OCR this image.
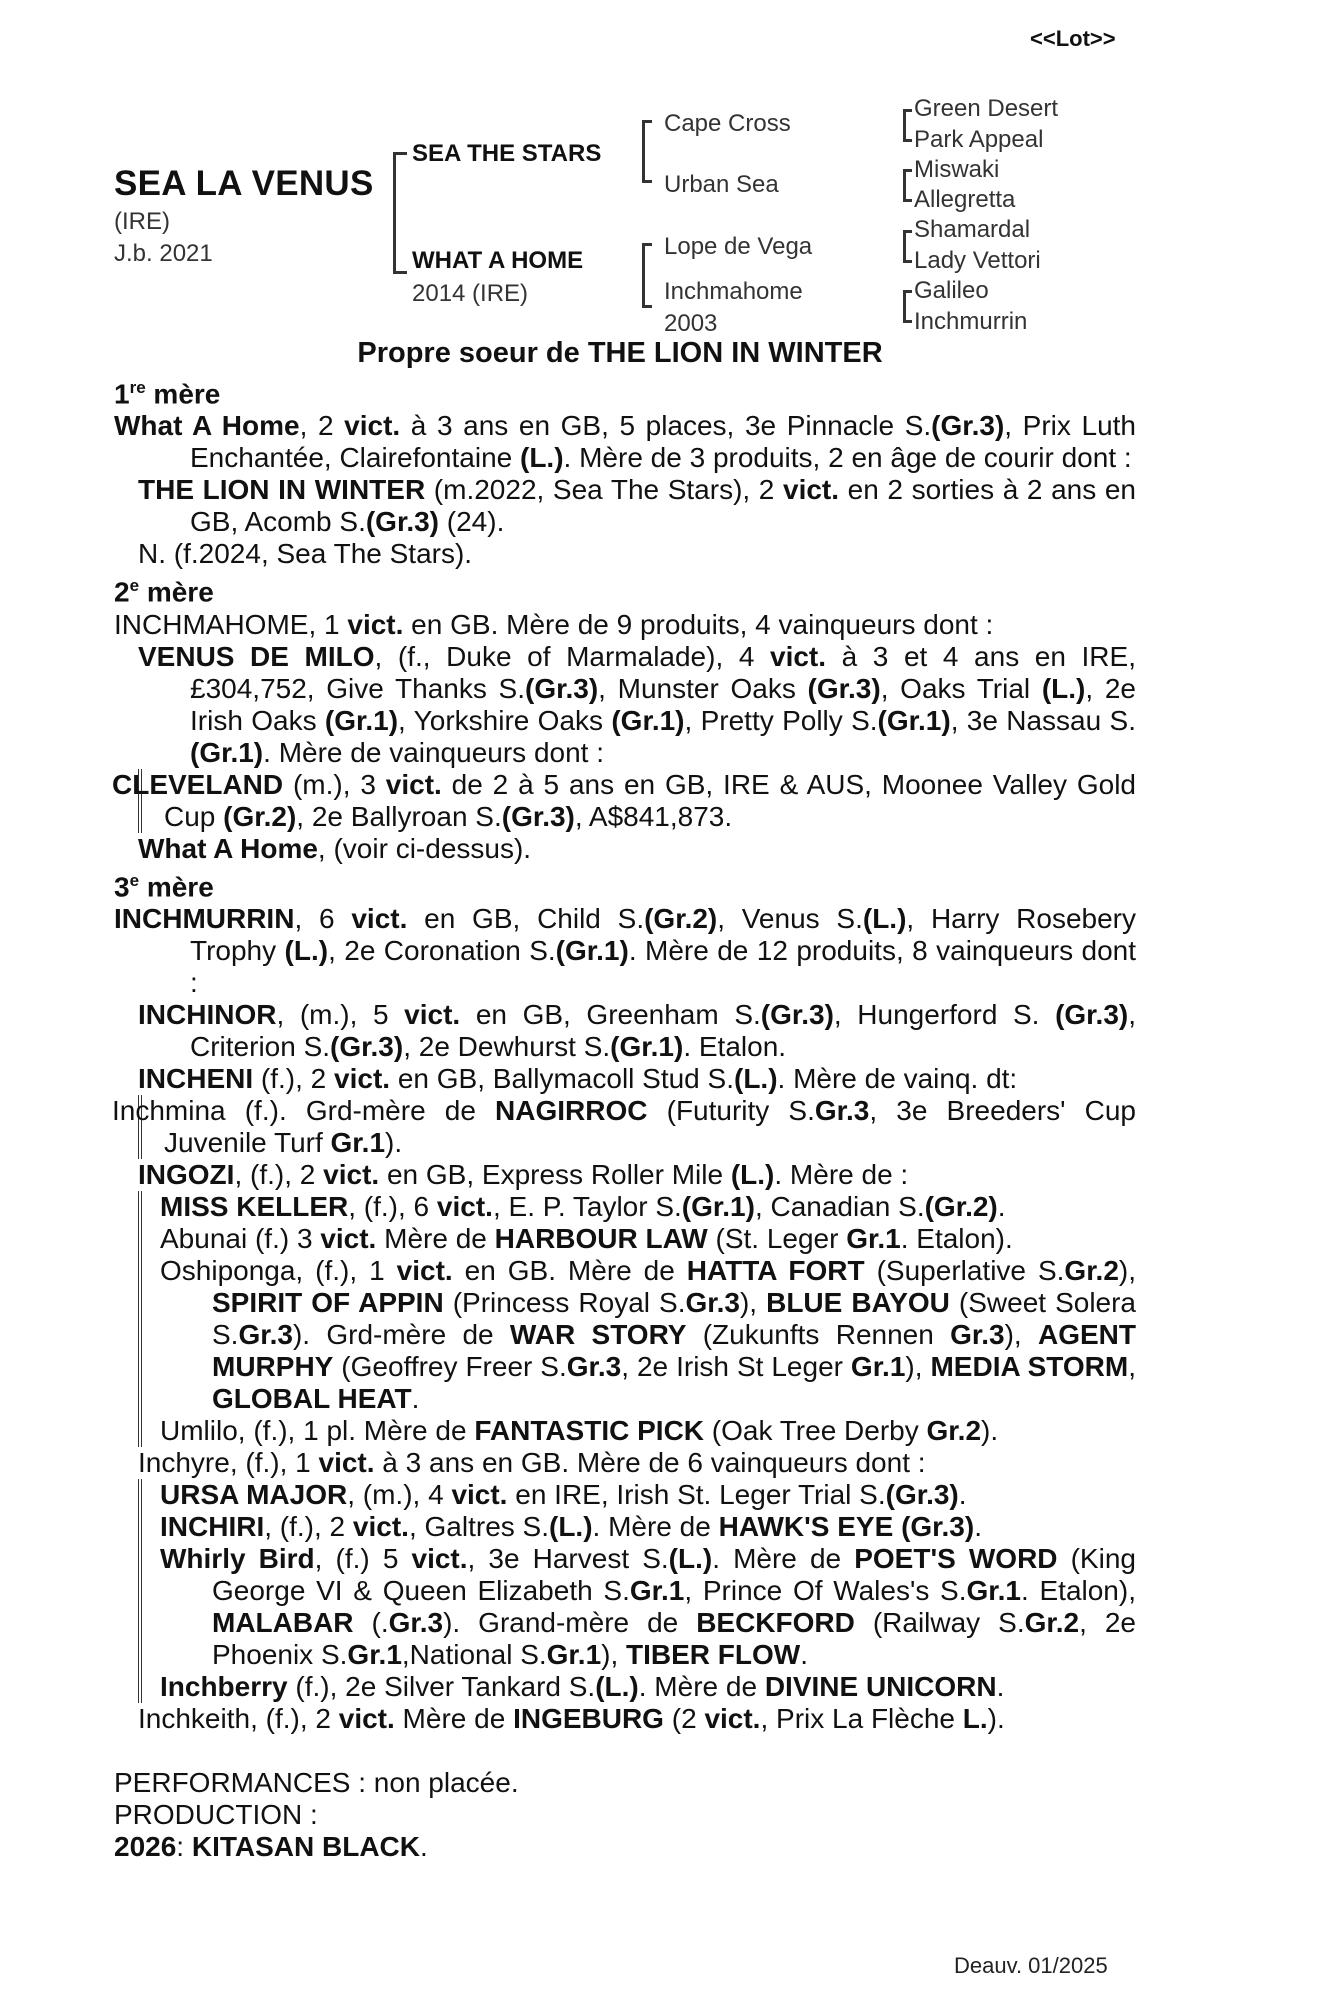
<<Lot>>
SEA LA VENUS
(IRE)
J.b. 2021
SEA THE STARS
WHAT A HOME
2014 (IRE)
Cape Cross
Urban Sea
Lope de Vega
Inchmahome
2003
Green Desert
Park Appeal
Miswaki
Allegretta
Shamardal
Lady Vettori
Galileo
Inchmurrin
Propre soeur de THE LION IN WINTER
1re mère
What A Home, 2 vict. à 3 ans en GB, 5 places, 3e Pinnacle S.(Gr.3), Prix Luth Enchantée, Clairefontaine (L.). Mère de 3 produits, 2 en âge de courir dont :
THE LION IN WINTER (m.2022, Sea The Stars), 2 vict. en 2 sorties à 2 ans en GB, Acomb S.(Gr.3) (24).
N. (f.2024, Sea The Stars).
2e mère
INCHMAHOME, 1 vict. en GB. Mère de 9 produits, 4 vainqueurs dont :
VENUS DE MILO, (f., Duke of Marmalade), 4 vict. à 3 et 4 ans en IRE, £304,752, Give Thanks S.(Gr.3), Munster Oaks (Gr.3), Oaks Trial (L.), 2e Irish Oaks (Gr.1), Yorkshire Oaks (Gr.1), Pretty Polly S.(Gr.1), 3e Nassau S.(Gr.1). Mère de vainqueurs dont :
CLEVELAND (m.), 3 vict. de 2 à 5 ans en GB, IRE & AUS, Moonee Valley Gold Cup (Gr.2), 2e Ballyroan S.(Gr.3), A$841,873.
What A Home, (voir ci-dessus).
3e mère
INCHMURRIN, 6 vict. en GB, Child S.(Gr.2), Venus S.(L.), Harry Rosebery Trophy (L.), 2e Coronation S.(Gr.1). Mère de 12 produits, 8 vainqueurs dont :
INCHINOR, (m.), 5 vict. en GB, Greenham S.(Gr.3), Hungerford S. (Gr.3), Criterion S.(Gr.3), 2e Dewhurst S.(Gr.1). Etalon.
INCHENI (f.), 2 vict. en GB, Ballymacoll Stud S.(L.). Mère de vainq. dt:
Inchmina (f.). Grd-mère de NAGIRROC (Futurity S.Gr.3, 3e Breeders' Cup Juvenile Turf Gr.1).
INGOZI, (f.), 2 vict. en GB, Express Roller Mile (L.). Mère de :
MISS KELLER, (f.), 6 vict., E. P. Taylor S.(Gr.1), Canadian S.(Gr.2).
Abunai (f.) 3 vict. Mère de HARBOUR LAW (St. Leger Gr.1. Etalon).
Oshiponga, (f.), 1 vict. en GB. Mère de HATTA FORT (Superlative S.Gr.2), SPIRIT OF APPIN (Princess Royal S.Gr.3), BLUE BAYOU (Sweet Solera S.Gr.3). Grd-mère de WAR STORY (Zukunfts Rennen Gr.3), AGENT MURPHY (Geoffrey Freer S.Gr.3, 2e Irish St Leger Gr.1), MEDIA STORM, GLOBAL HEAT.
Umlilo, (f.), 1 pl. Mère de FANTASTIC PICK (Oak Tree Derby Gr.2).
Inchyre, (f.), 1 vict. à 3 ans en GB. Mère de 6 vainqueurs dont :
URSA MAJOR, (m.), 4 vict. en IRE, Irish St. Leger Trial S.(Gr.3).
INCHIRI, (f.), 2 vict., Galtres S.(L.). Mère de HAWK'S EYE (Gr.3).
Whirly Bird, (f.) 5 vict., 3e Harvest S.(L.). Mère de POET'S WORD (King George VI & Queen Elizabeth S.Gr.1, Prince Of Wales's S.Gr.1. Etalon), MALABAR (.Gr.3). Grand-mère de BECKFORD (Railway S.Gr.2, 2e Phoenix S.Gr.1,National S.Gr.1), TIBER FLOW.
Inchberry (f.), 2e Silver Tankard S.(L.). Mère de DIVINE UNICORN.
Inchkeith, (f.), 2 vict. Mère de INGEBURG (2 vict., Prix La Flèche L.).
PERFORMANCES : non placée.
PRODUCTION :
2026: KITASAN BLACK.
Deauv. 01/2025
